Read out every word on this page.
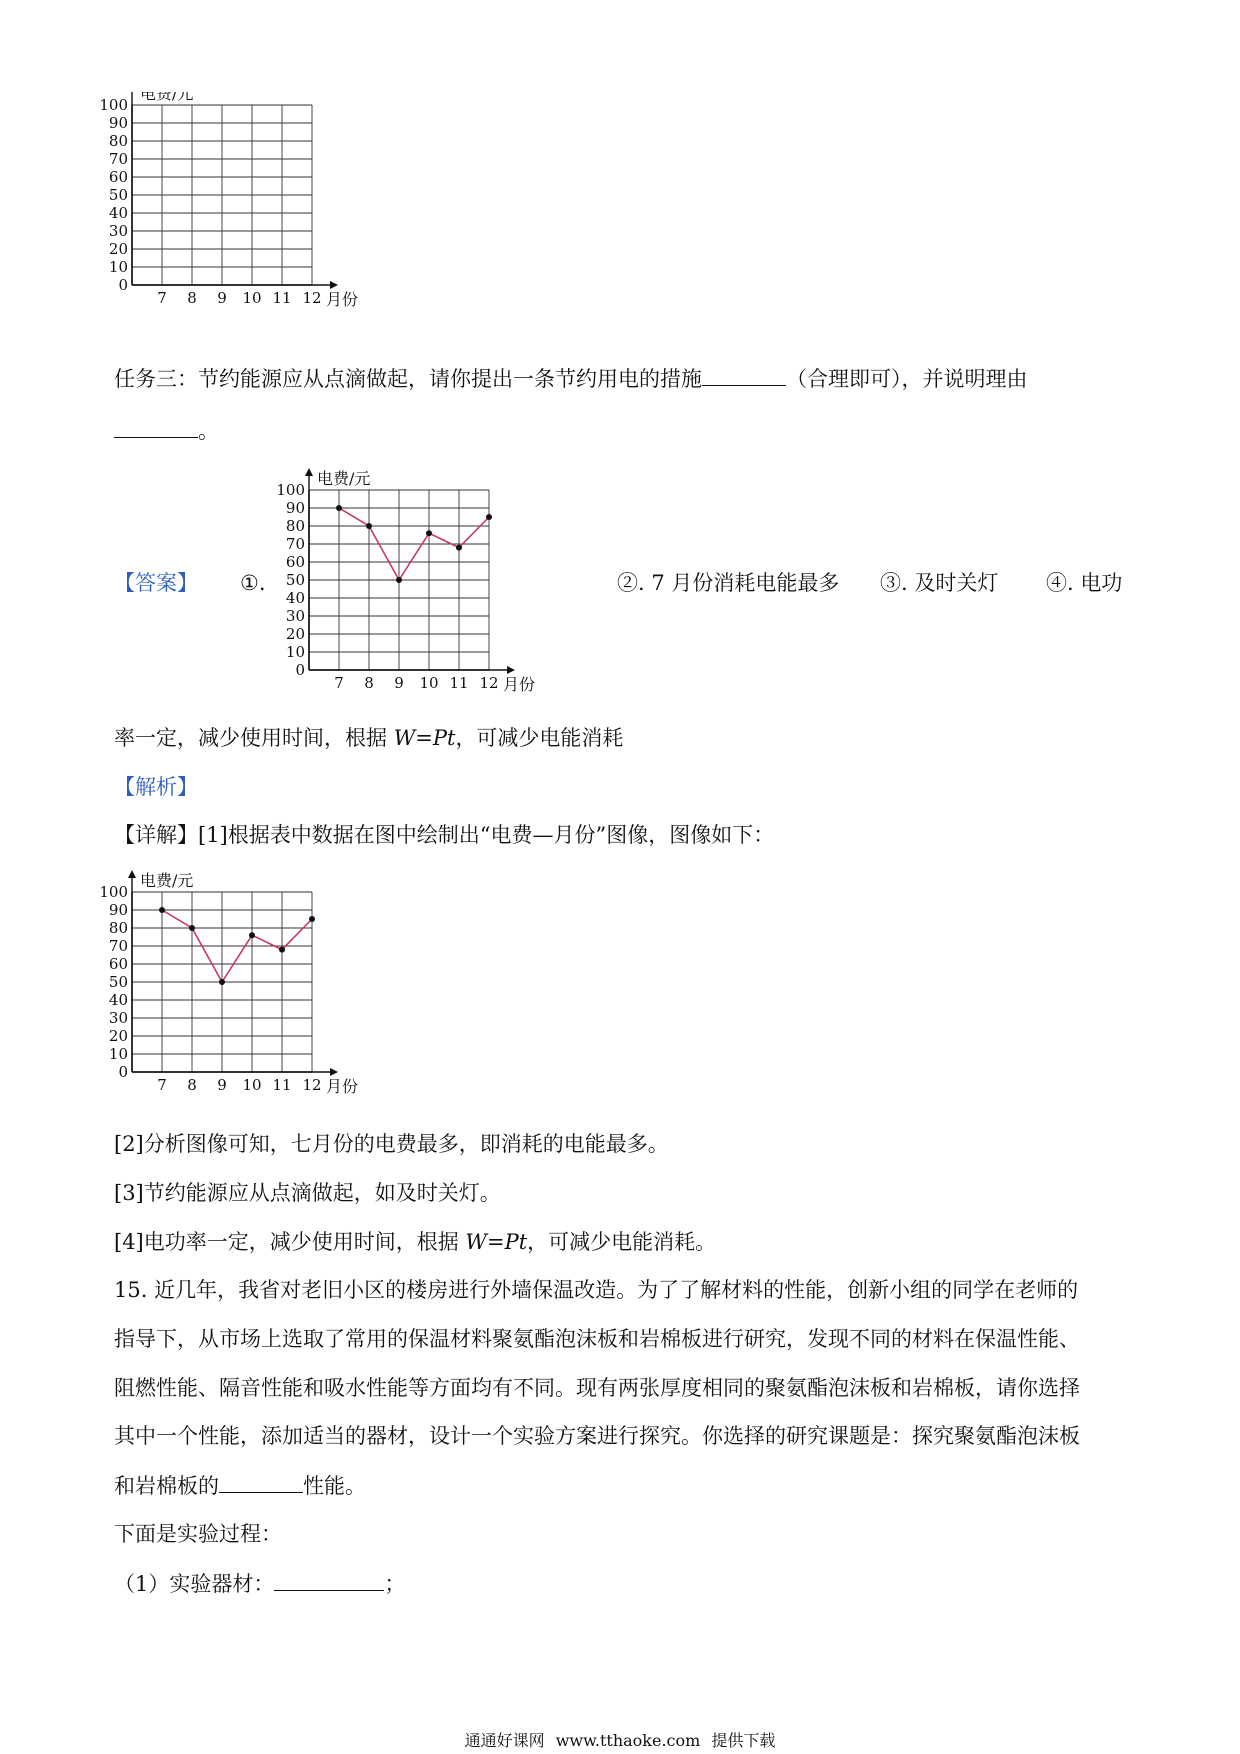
0
10
20
30
40
50
60
70
80
90
100
7 8 9 10 11 12
电费/元
月份
任务三：节约能源应从点滴做起，请你提出一条节约用电的措施	（合理即可），并说明理由
。
【答案】 ①.
0
10
20
30
40
50
60
70
80
90
100
7 8 9 10 11 12
电费/元
月份
②. 7 月份消耗电能最多 ③. 及时关灯 ④. 电功
率一定，减少使用时间，根据 W=Pt，可减少电能消耗
【解析】
【详解】[1]根据表中数据在图中绘制出“电费—月份”图像，图像如下：
0
10
20
30
40
50
60
70
80
90
100
7 8 9 10 11 12
电费/元
月份
[2]分析图像可知，七月份的电费最多，即消耗的电能最多。
[3]节约能源应从点滴做起，如及时关灯。
[4]电功率一定，减少使用时间，根据 W=Pt，可减少电能消耗。
15. 近几年，我省对老旧小区的楼房进行外墙保温改造。为了了解材料的性能，创新小组的同学在老师的
指导下，从市场上选取了常用的保温材料聚氨酯泡沫板和岩棉板进行研究，发现不同的材料在保温性能、
阻燃性能、隔音性能和吸水性能等方面均有不同。现有两张厚度相同的聚氨酯泡沫板和岩棉板，请你选择
其中一个性能，添加适当的器材，设计一个实验方案进行探究。你选择的研究课题是：探究聚氨酯泡沫板
和岩棉板的	性能。
下面是实验过程：
（1）实验器材：	；
通通好课网 www.tthaoke.com 提供下载
